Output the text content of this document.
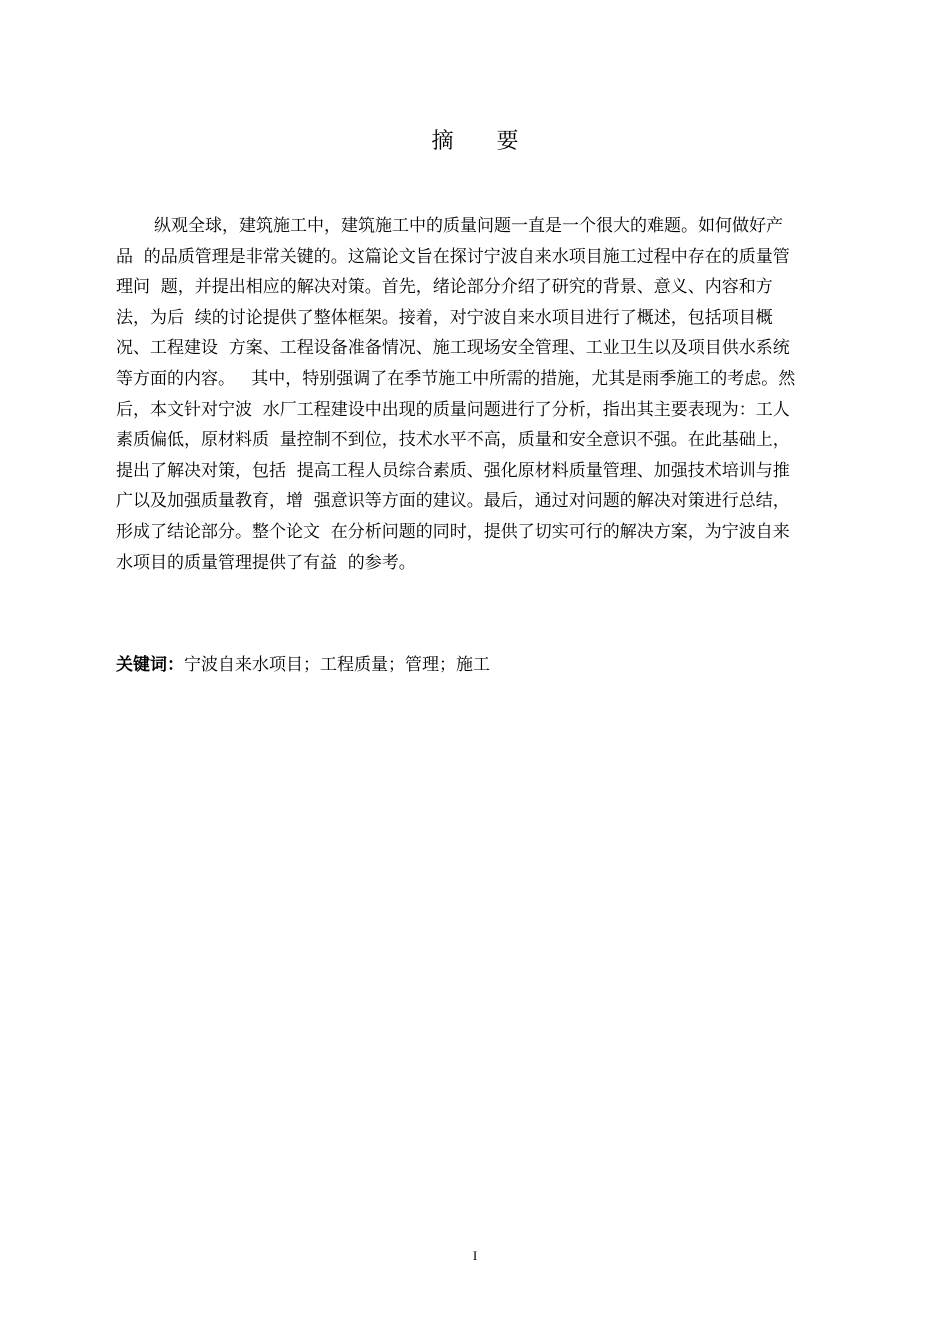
摘 要
纵观全球，建筑施工中，建筑施工中的质量问题一直是一个很大的难题。如何做好产
品  的品质管理是非常关键的。这篇论文旨在探讨宁波自来水项目施工过程中存在的质量管
理问  题，并提出相应的解决对策。首先，绪论部分介绍了研究的背景、意义、内容和方
法，为后  续的讨论提供了整体框架。接着，对宁波自来水项目进行了概述，包括项目概
况、工程建设  方案、工程设备准备情况、施工现场安全管理、工业卫生以及项目供水系统
等方面的内容。   其中，特别强调了在季节施工中所需的措施，尤其是雨季施工的考虑。然
后，本文针对宁波  水厂工程建设中出现的质量问题进行了分析，指出其主要表现为：工人
素质偏低，原材料质  量控制不到位，技术水平不高，质量和安全意识不强。在此基础上，
提出了解决对策，包括  提高工程人员综合素质、强化原材料质量管理、加强技术培训与推
广以及加强质量教育，增  强意识等方面的建议。最后，通过对问题的解决对策进行总结，
形成了结论部分。整个论文  在分析问题的同时，提供了切实可行的解决方案，为宁波自来
水项目的质量管理提供了有益  的参考。
关键词：宁波自来水项目；工程质量；管理；施工
I
